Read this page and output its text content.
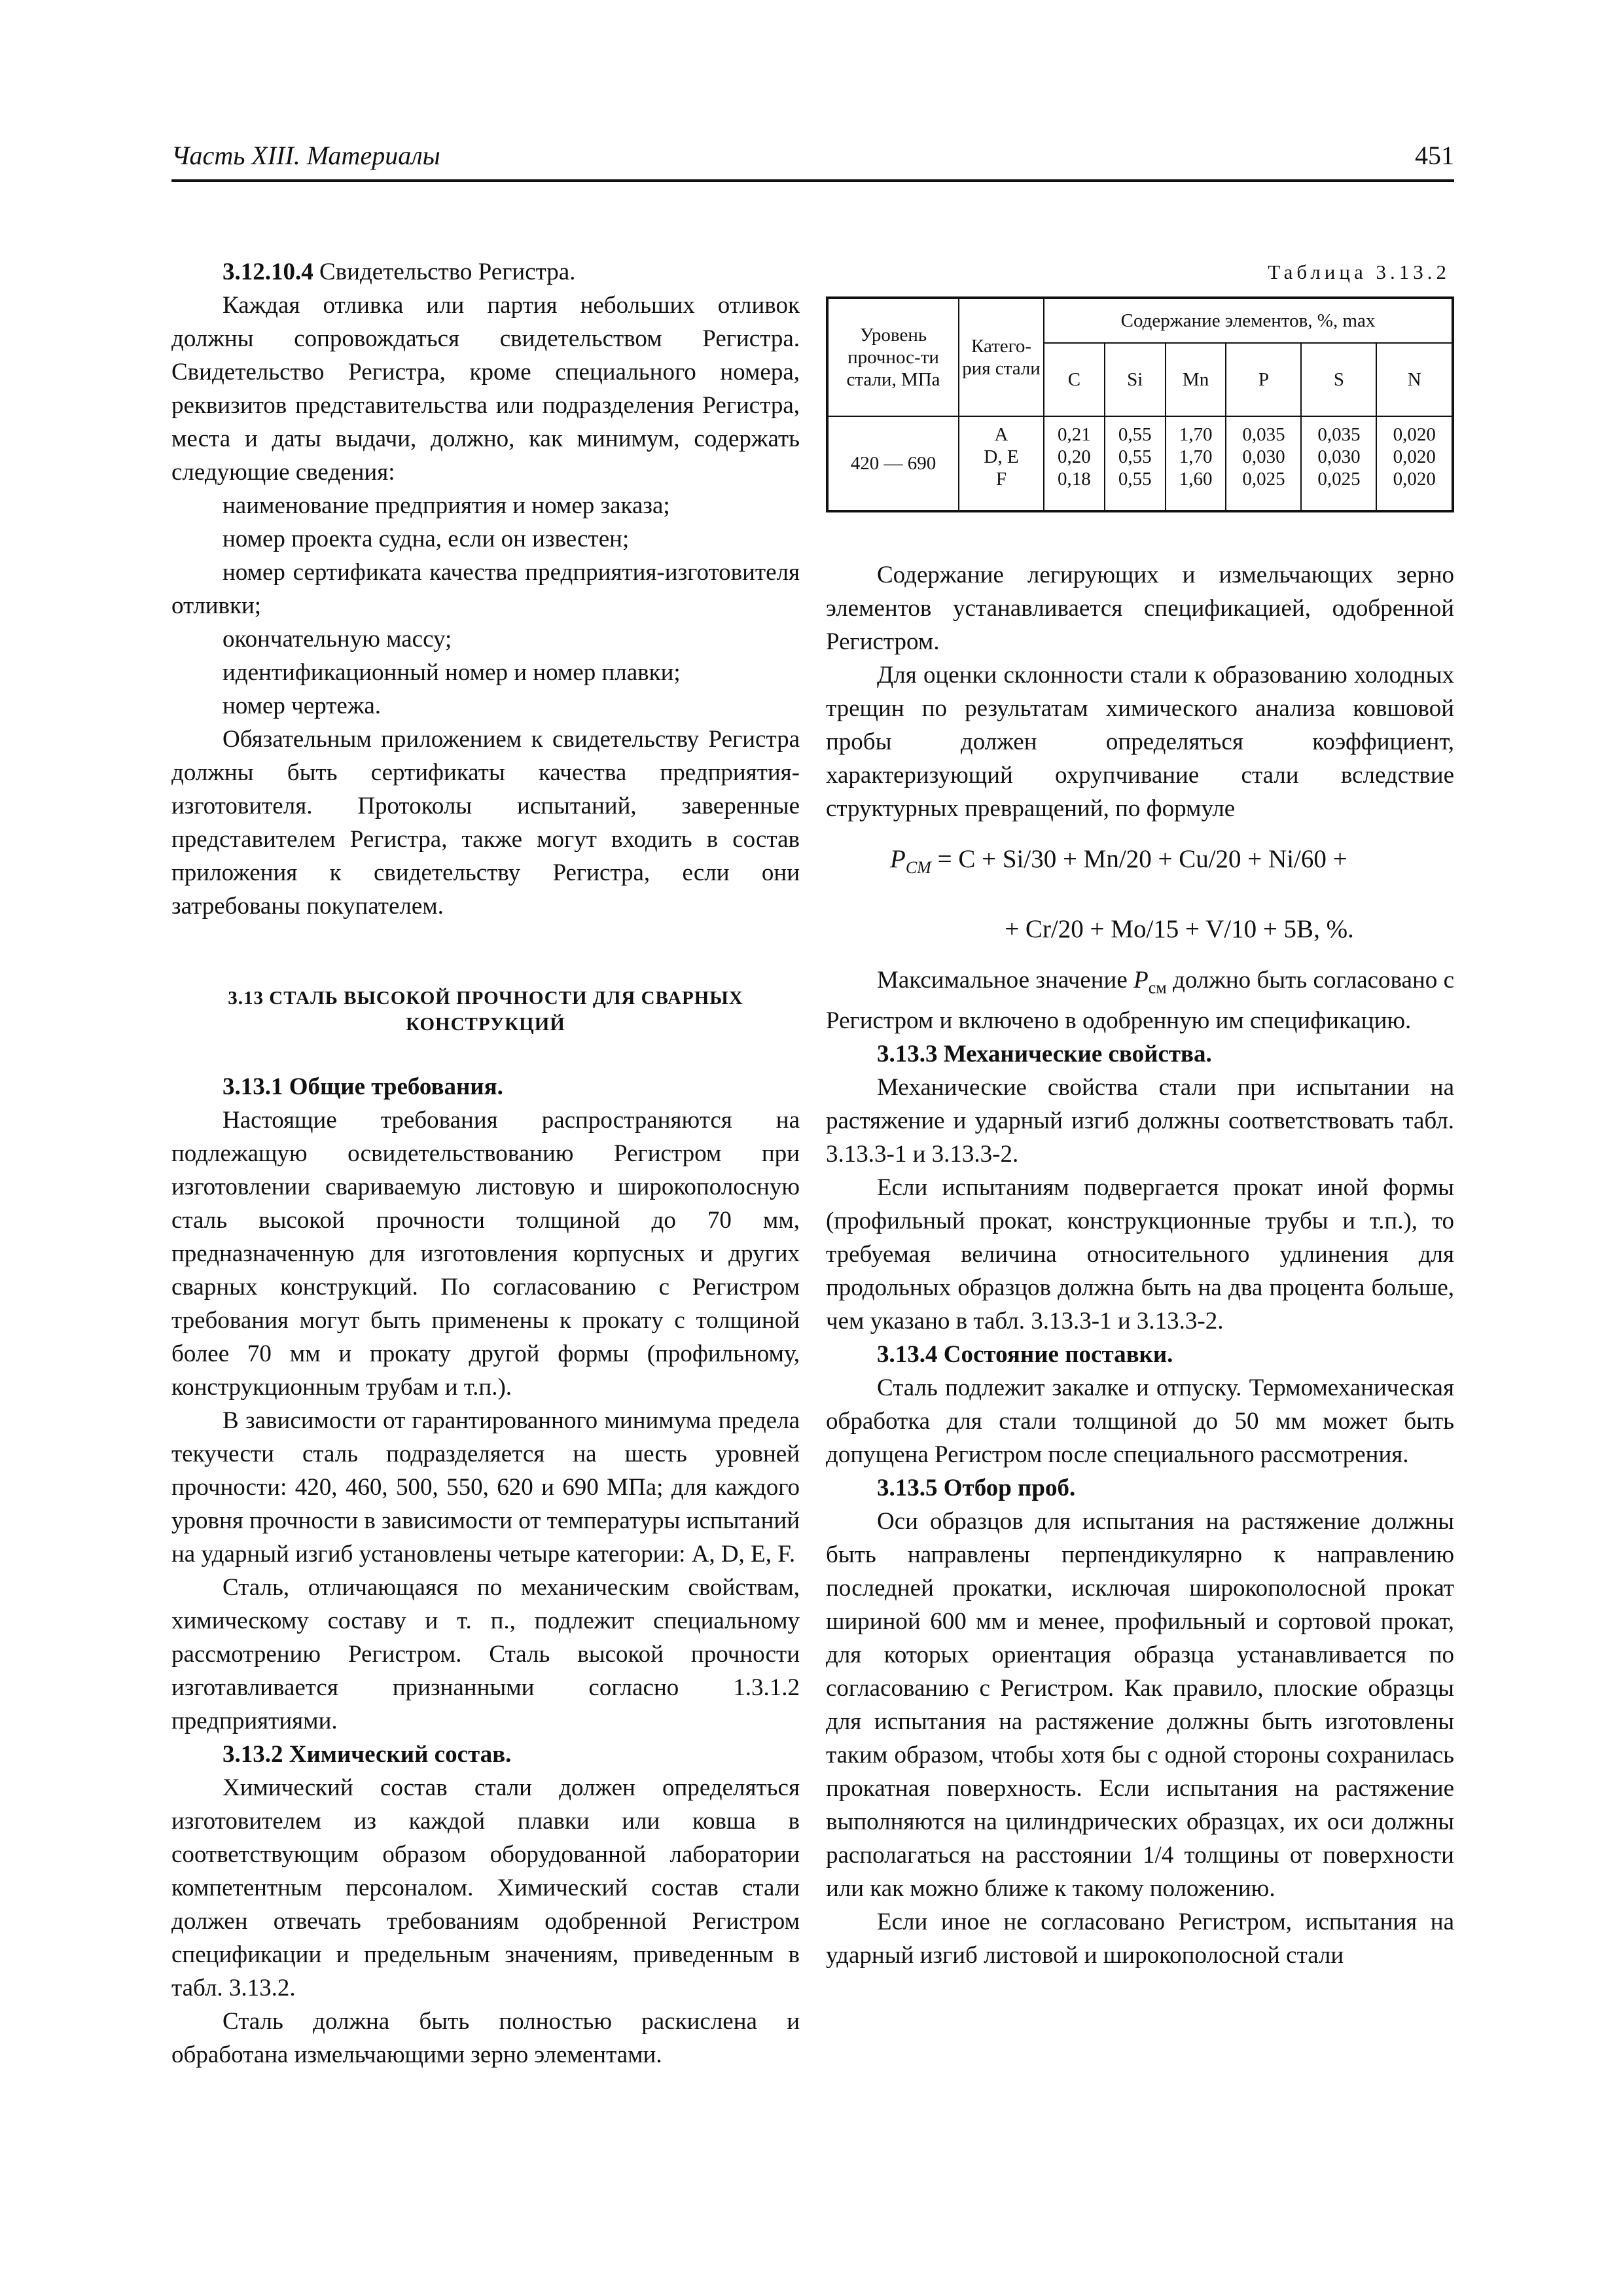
Часть XIII. Материалы	451

3.12.10.4 Свидетельство Регистра.

Каждая отливка или партия небольших отливок должны сопровождаться свидетельством Регистра. Свидетельство Регистра, кроме специального номера, реквизитов представительства или подразделения Регистра, места и даты выдачи, должно, как минимум, содержать следующие сведения:

наименование предприятия и номер заказа;

номер проекта судна, если он известен;

номер сертификата качества предприятия-изготовителя отливки;

окончательную массу;

идентификационный номер и номер плавки;

номер чертежа.

Обязательным приложением к свидетельству Регистра должны быть сертификаты качества предприятия-изготовителя. Протоколы испытаний, заверенные представителем Регистра, также могут входить в состав приложения к свидетельству Регистра, если они затребованы покупателем.

3.13 СТАЛЬ ВЫСОКОЙ ПРОЧНОСТИ ДЛЯ СВАРНЫХ КОНСТРУКЦИЙ

3.13.1 Общие требования.

Настоящие требования распространяются на подлежащую освидетельствованию Регистром при изготовлении свариваемую листовую и широкополосную сталь высокой прочности толщиной до 70 мм, предназначенную для изготовления корпусных и других сварных конструкций. По согласованию с Регистром требования могут быть применены к прокату с толщиной более 70 мм и прокату другой формы (профильному, конструкционным трубам и т.п.).

В зависимости от гарантированного минимума предела текучести сталь подразделяется на шесть уровней прочности: 420, 460, 500, 550, 620 и 690 МПа; для каждого уровня прочности в зависимости от температуры испытаний на ударный изгиб установлены четыре категории: A, D, E, F.

Сталь, отличающаяся по механическим свойствам, химическому составу и т. п., подлежит специальному рассмотрению Регистром. Сталь высокой прочности изготавливается признанными согласно 1.3.1.2 предприятиями.

3.13.2 Химический состав.

Химический состав стали должен определяться изготовителем из каждой плавки или ковша в соответствующим образом оборудованной лаборатории компетентным персоналом. Химический состав стали должен отвечать требованиям одобренной Регистром спецификации и предельным значениям, приведенным в табл. 3.13.2.

Сталь должна быть полностью раскислена и обработана измельчающими зерно элементами.

Таблица 3.13.2
Уровень прочнос-ти стали, МПа	Катего-рия стали	Содержание элементов, %, max					
		C	Si	Mn	P	S	N
420 — 690	A
D, E
F	0,21
0,20
0,18	0,55
0,55
0,55	1,70
1,70
1,60	0,035
0,030
0,025	0,035
0,030
0,025	0,020
0,020
0,020

Содержание легирующих и измельчающих зерно элементов устанавливается спецификацией, одобренной Регистром.

Для оценки склонности стали к образованию холодных трещин по результатам химического анализа ковшовой пробы должен определяться коэффициент, характеризующий охрупчивание стали вследствие структурных превращений, по формуле

$P_{CM} = C + Si/30 + Mn/20 + Cu/20 + Ni/60$ +
+ Cr/20 + Mo/15 + V/10 + 5B, %.

Максимальное значение $P_{cм}$ должно быть согласовано с Регистром и включено в одобренную им спецификацию.

3.13.3 Механические свойства.

Механические свойства стали при испытании на растяжение и ударный изгиб должны соответствовать табл. 3.13.3-1 и 3.13.3-2.

Если испытаниям подвергается прокат иной формы (профильный прокат, конструкционные трубы и т.п.), то требуемая величина относительного удлинения для продольных образцов должна быть на два процента больше, чем указано в табл. 3.13.3-1 и 3.13.3-2.

3.13.4 Состояние поставки.

Сталь подлежит закалке и отпуску. Термомеханическая обработка для стали толщиной до 50 мм может быть допущена Регистром после специального рассмотрения.

3.13.5 Отбор проб.

Оси образцов для испытания на растяжение должны быть направлены перпендикулярно к направлению последней прокатки, исключая широкополосной прокат шириной 600 мм и менее, профильный и сортовой прокат, для которых ориентация образца устанавливается по согласованию с Регистром. Как правило, плоские образцы для испытания на растяжение должны быть изготовлены таким образом, чтобы хотя бы с одной стороны сохранилась прокатная поверхность. Если испытания на растяжение выполняются на цилиндрических образцах, их оси должны располагаться на расстоянии 1/4 толщины от поверхности или как можно ближе к такому положению.

Если иное не согласовано Регистром, испытания на ударный изгиб листовой и широкополосной стали
